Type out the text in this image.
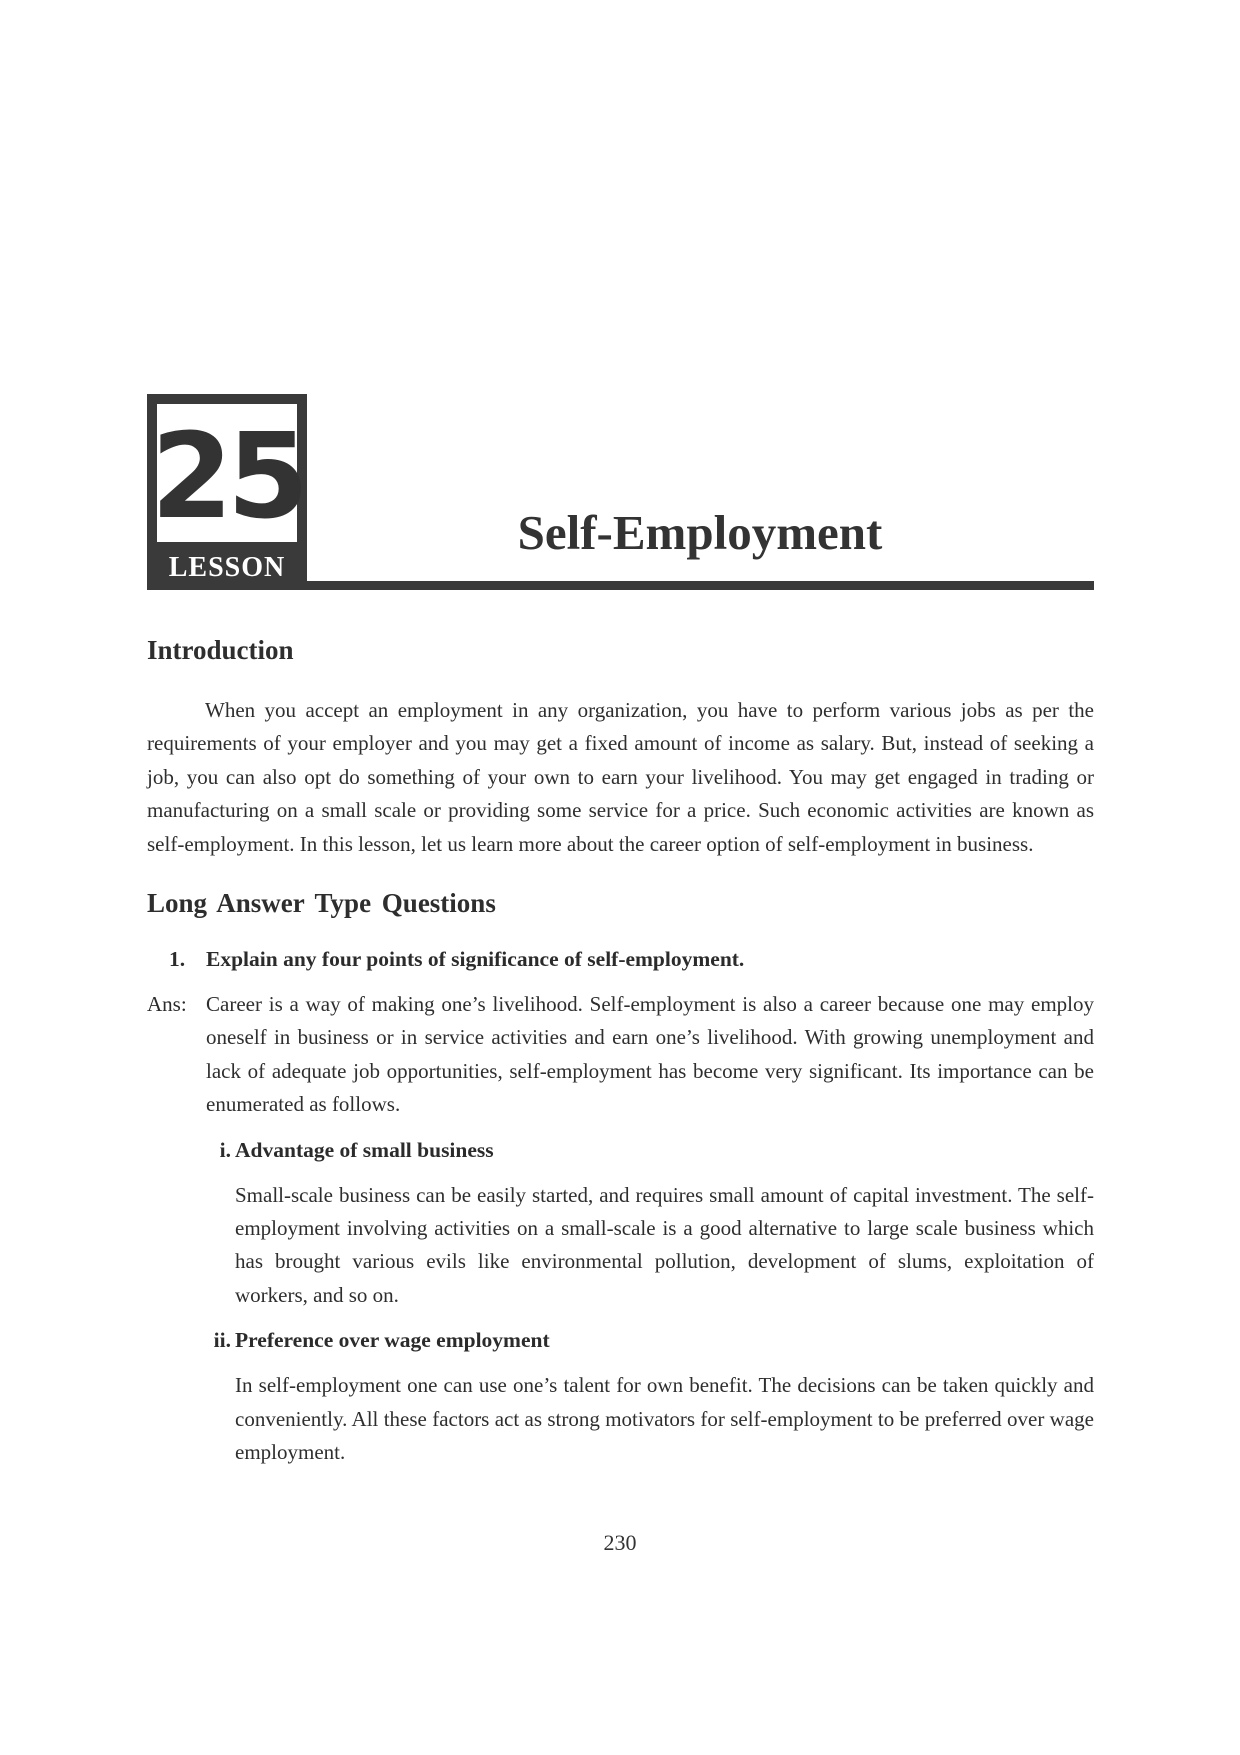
25
LESSON
Self-Employment
Introduction

When you accept an employment in any organization, you have to perform various jobs as per the requirements of your employer and you may get a fixed amount of income as salary. But, instead of seeking a job, you can also opt do something of your own to earn your livelihood. You may get engaged in trading or manufacturing on a small scale or providing some service for a price. Such economic activities are known as self-employment. In this lesson, let us learn more about the career option of self-employment in business.

Long Answer Type Questions
1. Explain any four points of significance of self-employment.
Ans: Career is a way of making one’s livelihood. Self-employment is also a career because one may employ oneself in business or in service activities and earn one’s livelihood. With growing unemployment and lack of adequate job opportunities, self-employment has become very significant. Its importance can be enumerated as follows.

i. Advantage of small business

Small-scale business can be easily started, and requires small amount of capital investment. The self-employment involving activities on a small-scale is a good alternative to large scale business which has brought various evils like environmental pollution, development of slums, exploitation of workers, and so on.

ii. Preference over wage employment

In self-employment one can use one’s talent for own benefit. The decisions can be taken quickly and conveniently. All these factors act as strong motivators for self-employment to be preferred over wage employment.

230
